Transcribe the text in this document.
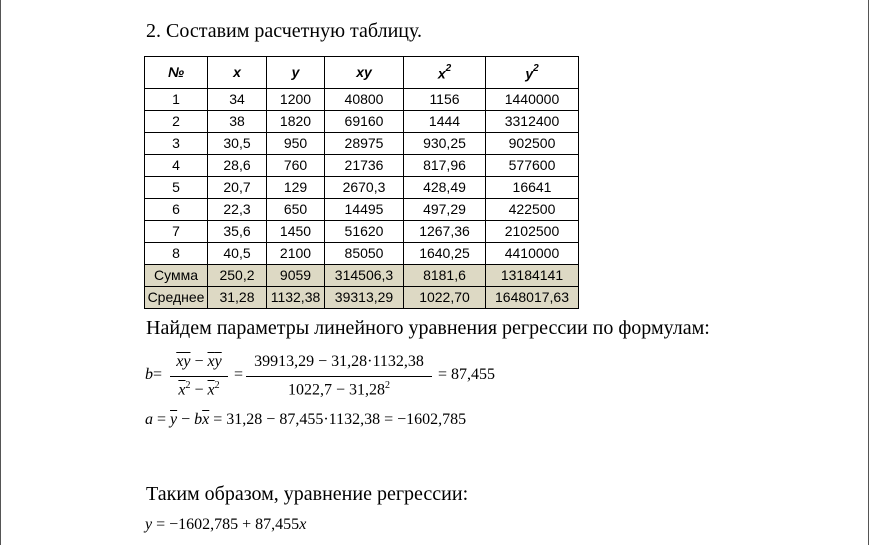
2. Составим расчетную таблицу.
№	x	y	xy	$x^2$	$y^2$
1	34	1200	40800	1156	1440000
2	38	1820	69160	1444	3312400
3	30,5	950	28975	930,25	902500
4	28,6	760	21736	817,96	577600
5	20,7	129	2670,3	428,49	16641
6	22,3	650	14495	497,29	422500
7	35,6	1450	51620	1267,36	2102500
8	40,5	2100	85050	1640,25	4410000
Сумма	250,2	9059	314506,3	8181,6	13184141
Среднее	31,28	1132,38	39313,29	1022,70	1648017,63
Найдем параметры линейного уравнения регрессии по формулам:
b=
$\overline{xy} - \overline{x}\overline{y}$
$\overline{x}^2 - \overline{x}^2$
=
39913,29 − 31,28·1132,38
$1022,7 - 31,28^2$
= 87,455
$a = \overline{y} - b\overline{x} = 31,28 - 87,455\cdot 1132,38 = -1602,785$
Таким образом, уравнение регрессии:
y = −1602,785 + 87,455x
